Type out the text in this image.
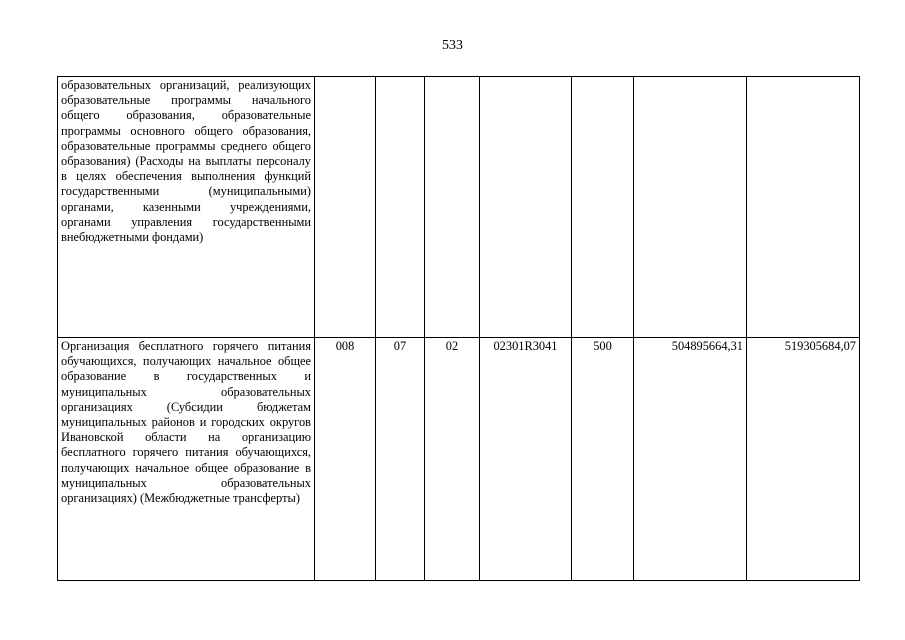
533
образовательных организаций, реализующих образовательные программы начального общего образования, образовательные программы основного общего образования, образовательные программы среднего общего образования) (Расходы на выплаты персоналу в целях обеспечения выполнения функций государственными (муниципальными) органами, казенными учреждениями, органами управления государственными внебюджетными фондами)							
Организация бесплатного горячего питания обучающихся, получающих начальное общее образование в государственных и муниципальных образовательных организациях (Субсидии бюджетам муниципальных районов и городских округов Ивановской области на организацию бесплатного горячего питания обучающихся, получающих начальное общее образование в муниципальных образовательных организациях) (Межбюджетные трансферты)	008	07	02	02301R3041	500	504895664,31	519305684,07
